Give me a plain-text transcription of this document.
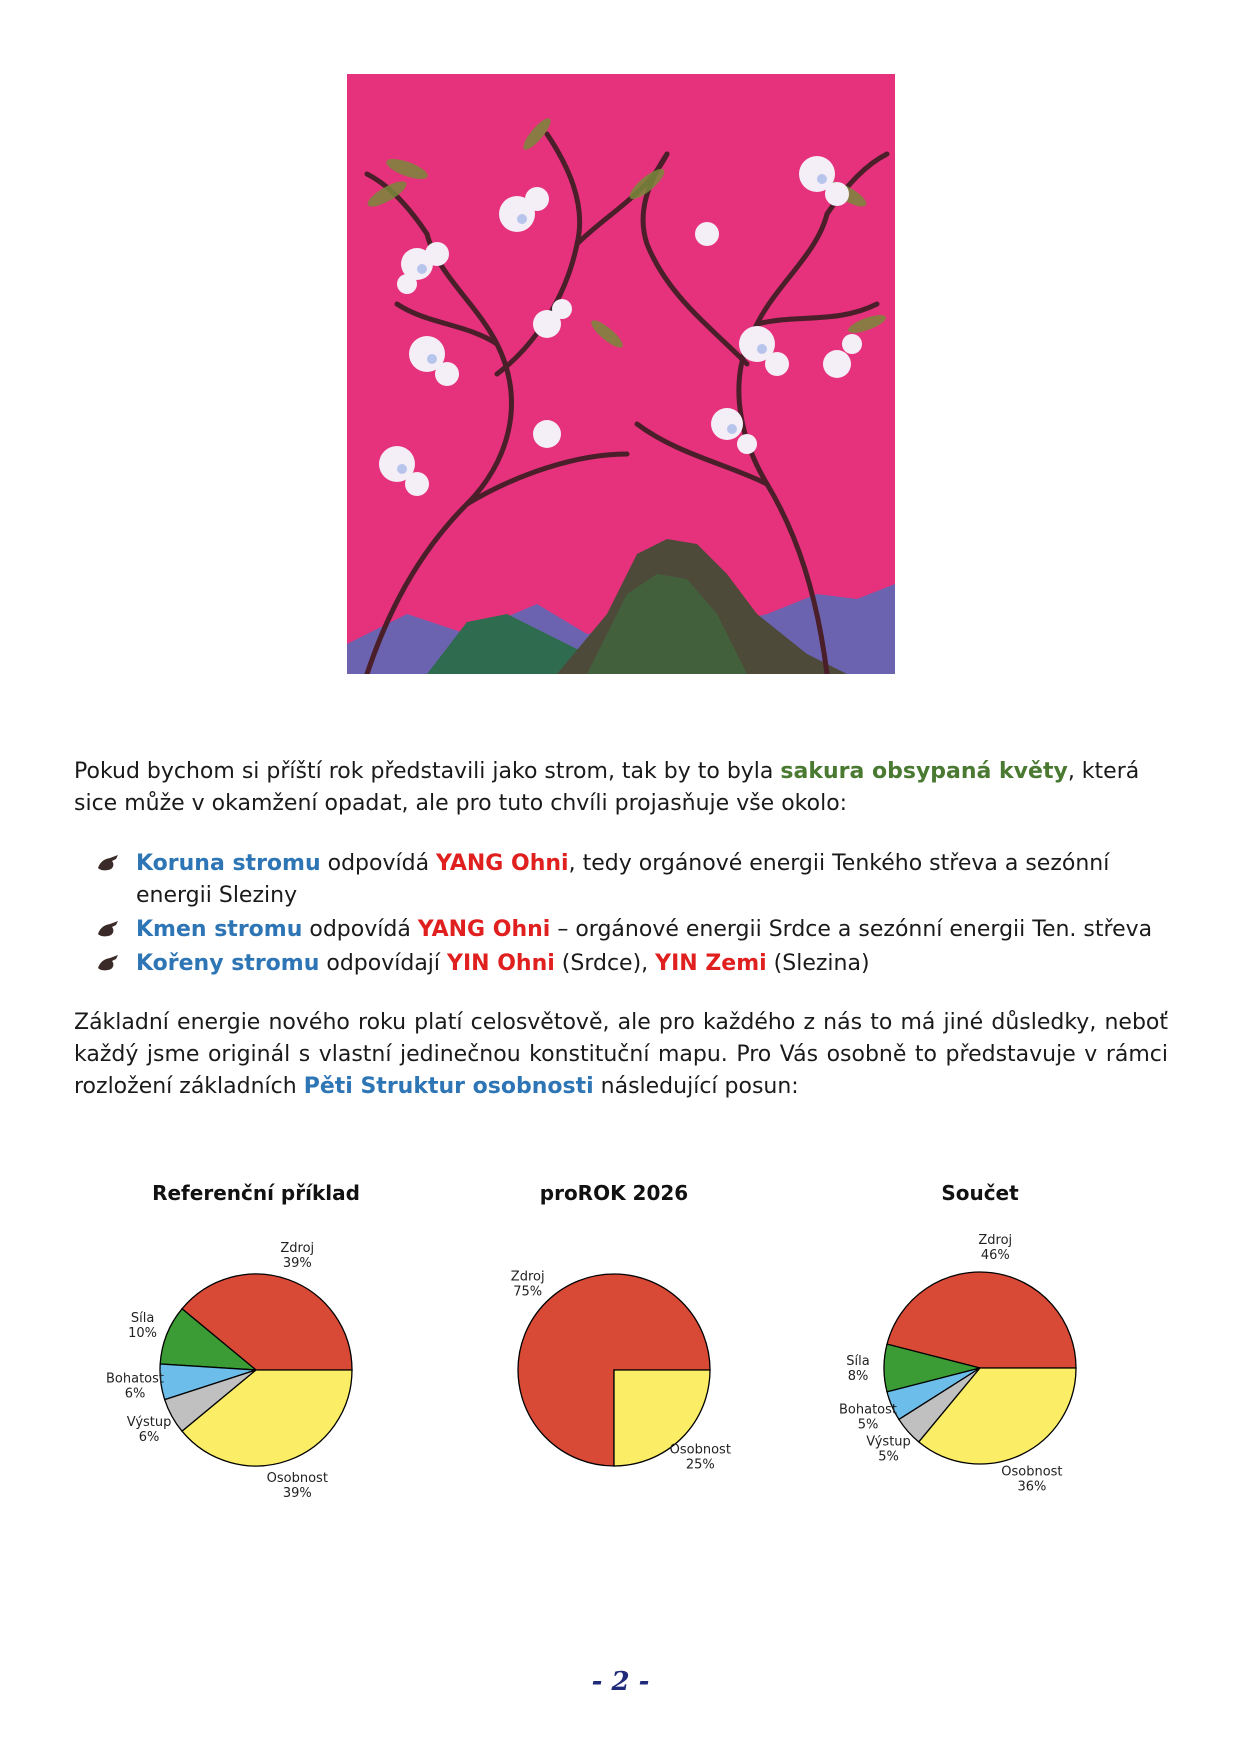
Pokud bychom si příští rok představili jako strom, tak by to byla sakura obsypaná květy, která sice může v okamžení opadat, ale pro tuto chvíli projasňuje vše okolo:
Koruna stromu odpovídá YANG Ohni, tedy orgánové energii Tenkého střeva a sezónní energii Sleziny
Kmen stromu odpovídá YANG Ohni – orgánové energii Srdce a sezónní energii Ten. střeva
Kořeny stromu odpovídají YIN Ohni (Srdce), YIN Zemi (Slezina)
Základní energie nového roku platí celosvětově, ale pro každého z nás to má jiné důsledky, neboť každý jsme originál s vlastní jedinečnou konstituční mapu. Pro Vás osobně to představuje v rámci rozložení základních Pěti Struktur osobnosti následující posun:
Referenční příklad
Zdroj
39%
Síla
10%
Bohatost
6%
Výstup
6%
Osobnost
39%
proROK 2026
Zdroj
75%
Osobnost
25%
Součet
Zdroj
46%
Síla
8%
Bohatost
5%
Výstup
5%
Osobnost
36%
- 2 -
